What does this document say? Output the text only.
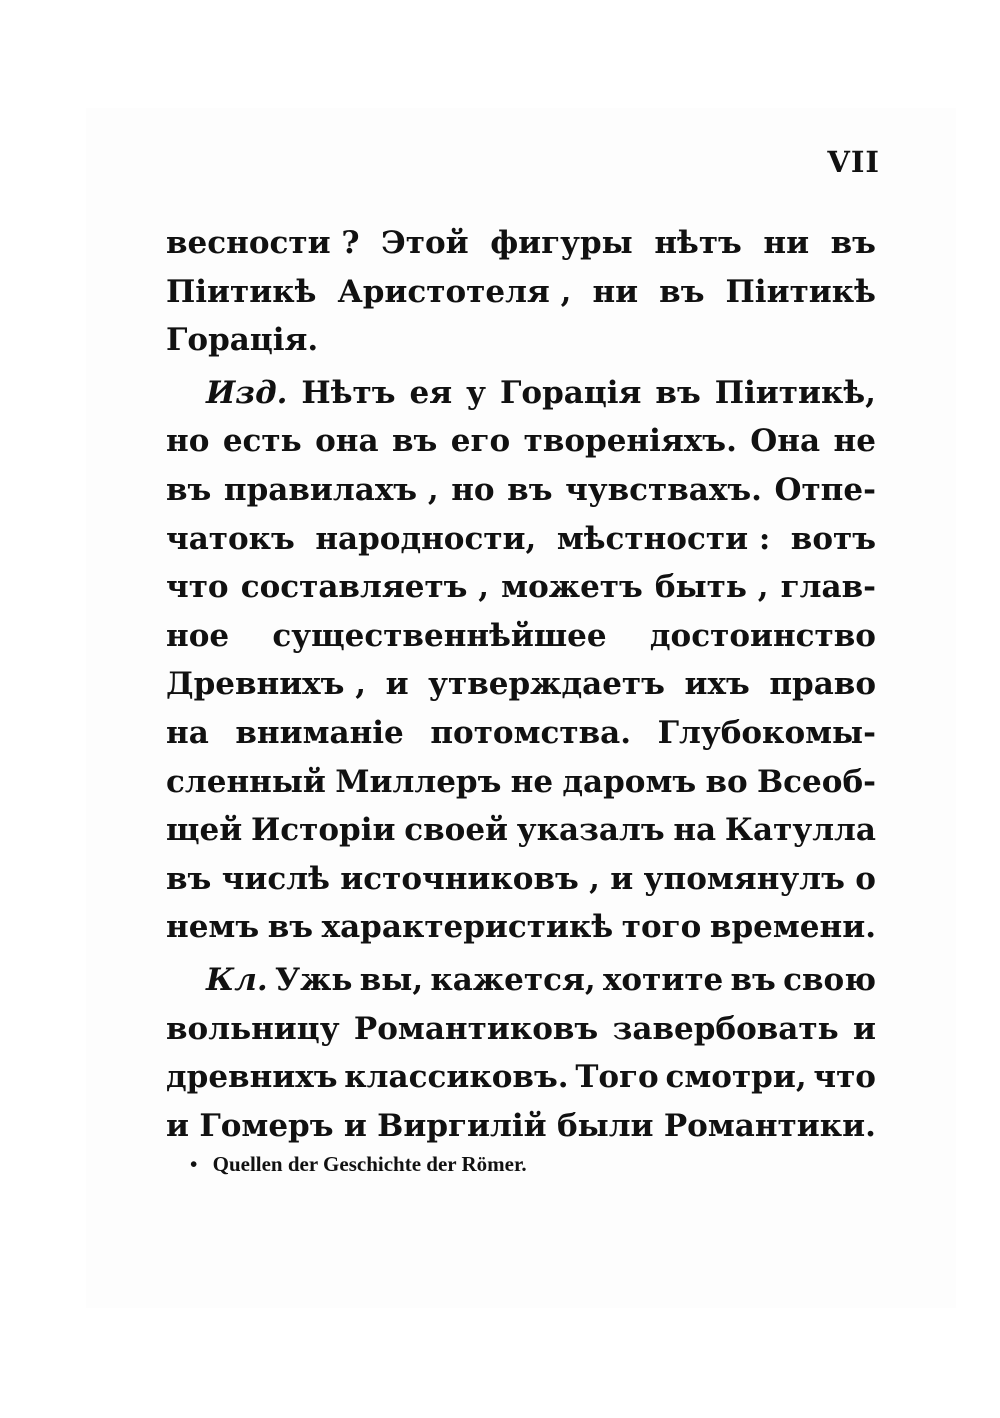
VII
весности ? Этой фигуры нѣтъ ни въ
Піитикѣ Аристотеля , ни въ Піитикѣ
Горація.
Изд. Нѣтъ ея у Горація въ Піитикѣ,
но есть она въ его твореніяхъ. Она не
въ правилахъ , но въ чувствахъ. Отпе-
чатокъ народности, мѣстности : вотъ
что составляетъ , можетъ быть , глав-
ное существеннѣйшее достоинство
Древнихъ , и утверждаетъ ихъ право
на вниманіе потомства. Глубокомы-
сленный Миллеръ не даромъ во Всеоб-
щей Исторіи своей указалъ на Катулла
въ числѣ источниковъ , и упомянулъ о
немъ въ характеристикѣ того времени.
Кл. Ужь вы, кажется, хотите въ свою
вольницу Романтиковъ завербовать и
древнихъ классиковъ. Того смотри, что
и Гомеръ и Виргилій были Романтики.
• Quellen der Geschichte der Römer.
